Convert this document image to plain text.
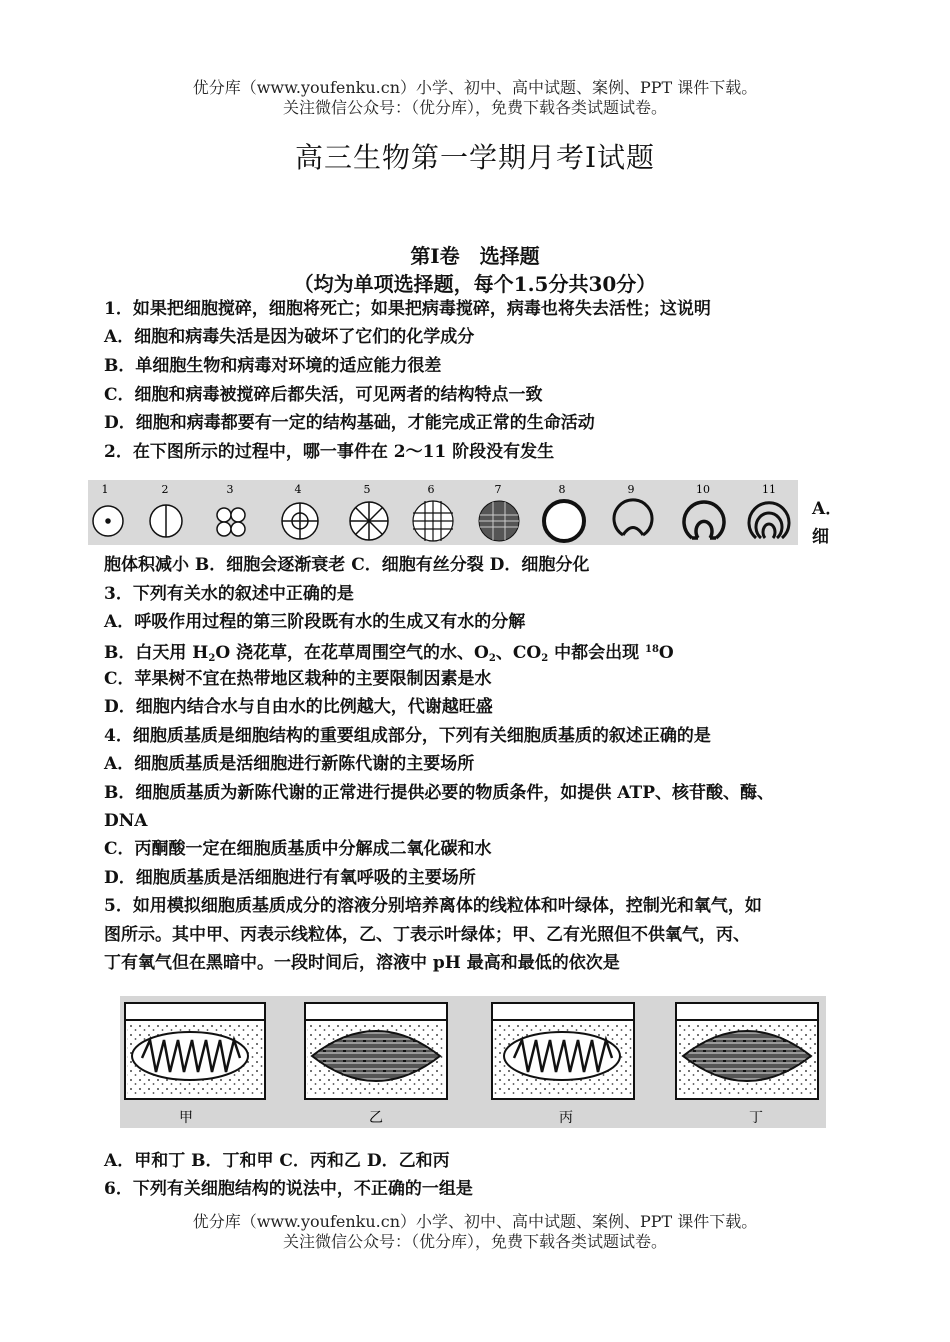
优分库（www.youfenku.cn）小学、初中、高中试题、案例、PPT 课件下载。
关注微信公众号：（优分库），免费下载各类试题试卷。
高三生物第一学期月考Ⅰ试题
第Ⅰ卷　选择题
（均为单项选择题，每个1.5分共30分）
1．如果把细胞搅碎，细胞将死亡；如果把病毒搅碎，病毒也将失去活性；这说明
A．细胞和病毒失活是因为破坏了它们的化学成分
B．单细胞生物和病毒对环境的适应能力很差
C．细胞和病毒被搅碎后都失活，可见两者的结构特点一致
D．细胞和病毒都要有一定的结构基础，才能完成正常的生命活动
2．在下图所示的过程中，哪一事件在 2～11 阶段没有发生
1	2	3	4	5	6	7	8	9	10	11
A．
细
胞体积减小 B．细胞会逐渐衰老 C．细胞有丝分裂 D．细胞分化
3．下列有关水的叙述中正确的是
A．呼吸作用过程的第三阶段既有水的生成又有水的分解
B．白天用 $H_2O$ 浇花草，在花草周围空气的水、$O_2$、$CO_2$ 中都会出现 $^{18}$O
C．苹果树不宜在热带地区栽种的主要限制因素是水
D．细胞内结合水与自由水的比例越大，代谢越旺盛
4．细胞质基质是细胞结构的重要组成部分，下列有关细胞质基质的叙述正确的是
A．细胞质基质是活细胞进行新陈代谢的主要场所
B．细胞质基质为新陈代谢的正常进行提供必要的物质条件，如提供 ATP、核苷酸、酶、
DNA
C．丙酮酸一定在细胞质基质中分解成二氧化碳和水
D．细胞质基质是活细胞进行有氧呼吸的主要场所
5．如用模拟细胞质基质成分的溶液分别培养离体的线粒体和叶绿体，控制光和氧气，如
图所示。其中甲、丙表示线粒体，乙、丁表示叶绿体；甲、乙有光照但不供氧气，丙、
丁有氧气但在黑暗中。一段时间后，溶液中 pH 最高和最低的依次是
甲	乙	丙	丁
A．甲和丁 B．丁和甲 C．丙和乙 D．乙和丙
6．下列有关细胞结构的说法中，不正确的一组是
优分库（www.youfenku.cn）小学、初中、高中试题、案例、PPT 课件下载。
关注微信公众号：（优分库），免费下载各类试题试卷。
